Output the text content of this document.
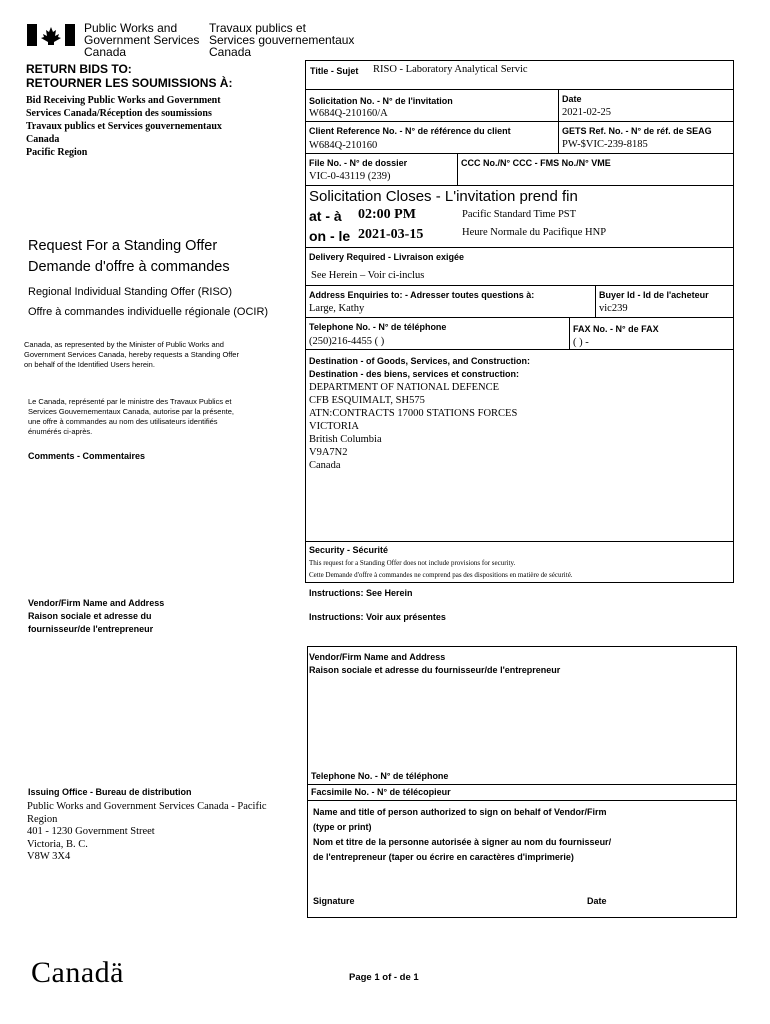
Public Works and
Government Services
Canada
Travaux publics et
Services gouvernementaux
Canada
RETURN BIDS TO:
RETOURNER LES SOUMISSIONS À:
Bid Receiving Public Works and Government
Services Canada/Réception des soumissions
Travaux publics et Services gouvernementaux
Canada
Pacific Region
Request For a Standing Offer
Demande d'offre à commandes
Regional Individual Standing Offer (RISO)
Offre à commandes individuelle régionale (OCIR)
Canada, as represented by the Minister of Public Works and
Government Services Canada, hereby requests a Standing Offer
on behalf of the Identified Users herein.
Le Canada, représenté par le ministre des Travaux Publics et
Services Gouvernementaux Canada, autorise par la présente,
une offre à commandes au nom des utilisateurs identifiés
énumérés ci-après.
Comments - Commentaires
Vendor/Firm Name and Address
Raison sociale et adresse du
fournisseur/de l'entrepreneur
Issuing Office - Bureau de distribution
Public Works and Government Services Canada - Pacific
Region
401 - 1230 Government Street
Victoria, B. C.
V8W 3X4
Title - Sujet RISO - Laboratory Analytical Servic
Solicitation No. - N° de l'invitation
W684Q-210160/A
Date
2021-02-25
Client Reference No. - N° de référence du client
W684Q-210160
GETS Ref. No. - N° de réf. de SEAG
PW-$VIC-239-8185
File No. - N° de dossier
VIC-0-43119 (239)
CCC No./N° CCC - FMS No./N° VME
Solicitation Closes - L'invitation prend fin
at - à 02:00 PM	Pacific Standard Time PST
on - le 2021-03-15	Heure Normale du Pacifique HNP
Delivery Required - Livraison exigée
See Herein – Voir ci-inclus
Address Enquiries to: - Adresser toutes questions à:
Large, Kathy
Buyer Id - Id de l'acheteur
vic239
Telephone No. - N° de téléphone
(250)216-4455 ( )
FAX No. - N° de FAX
( ) -
Destination - of Goods, Services, and Construction:
Destination - des biens, services et construction:
DEPARTMENT OF NATIONAL DEFENCE
CFB ESQUIMALT, SH575
ATN:CONTRACTS 17000 STATIONS FORCES
VICTORIA
British Columbia
V9A7N2
Canada
Security - Sécurité
This request for a Standing Offer does not include provisions for security.
Cette Demande d'offre à commandes ne comprend pas des dispositions en matière de sécurité.
Instructions: See Herein
Instructions: Voir aux présentes
Vendor/Firm Name and Address
Raison sociale et adresse du fournisseur/de l'entrepreneur
Telephone No. - N° de téléphone
Facsimile No. - N° de télécopieur
Name and title of person authorized to sign on behalf of Vendor/Firm
(type or print)
Nom et titre de la personne autorisée à signer au nom du fournisseur/
de l'entrepreneur (taper ou écrire en caractères d'imprimerie)
Signature	Date
Canadä	Page 1 of - de 1
